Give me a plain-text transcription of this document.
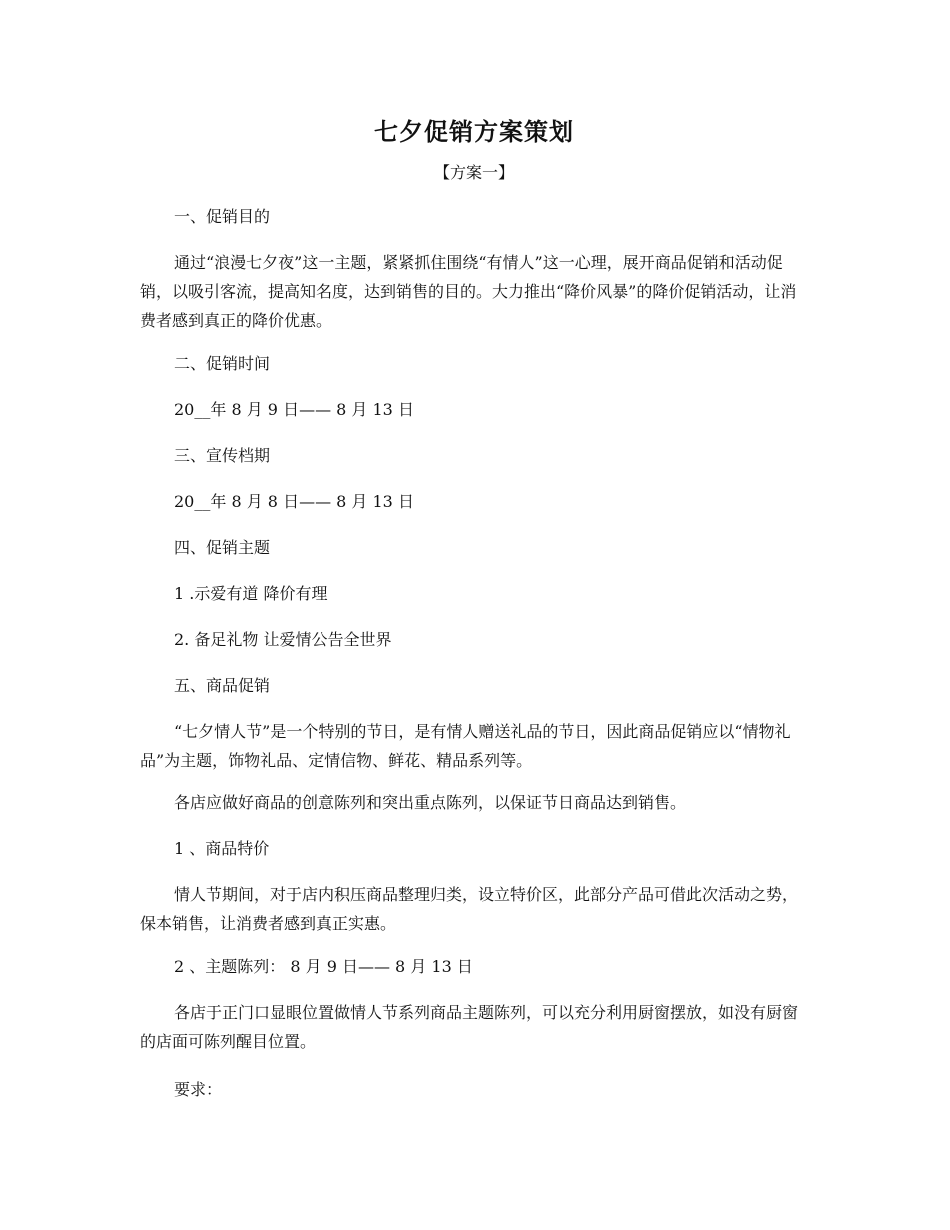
七夕促销方案策划
【方案一】

一、促销目的

通过“浪漫七夕夜”这一主题，紧紧抓住围绕“有情人”这一心理，展开商品促销和活动促销，以吸引客流，提高知名度，达到销售的目的。大力推出“降价风暴”的降价促销活动，让消费者感到真正的降价优惠。

二、促销时间

20__年 8 月 9 日—— 8 月 13 日

三、宣传档期

20__年 8 月 8 日—— 8 月 13 日

四、促销主题

1 .示爱有道 降价有理

2. 备足礼物 让爱情公告全世界

五、商品促销

“七夕情人节”是一个特别的节日，是有情人赠送礼品的节日，因此商品促销应以“情物礼品”为主题，饰物礼品、定情信物、鲜花、精品系列等。

各店应做好商品的创意陈列和突出重点陈列，以保证节日商品达到销售。

1 、商品特价

情人节期间，对于店内积压商品整理归类，设立特价区，此部分产品可借此次活动之势，保本销售，让消费者感到真正实惠。

2 、主题陈列： 8 月 9 日—— 8 月 13 日

各店于正门口显眼位置做情人节系列商品主题陈列，可以充分利用厨窗摆放，如没有厨窗的店面可陈列醒目位置。

要求：
